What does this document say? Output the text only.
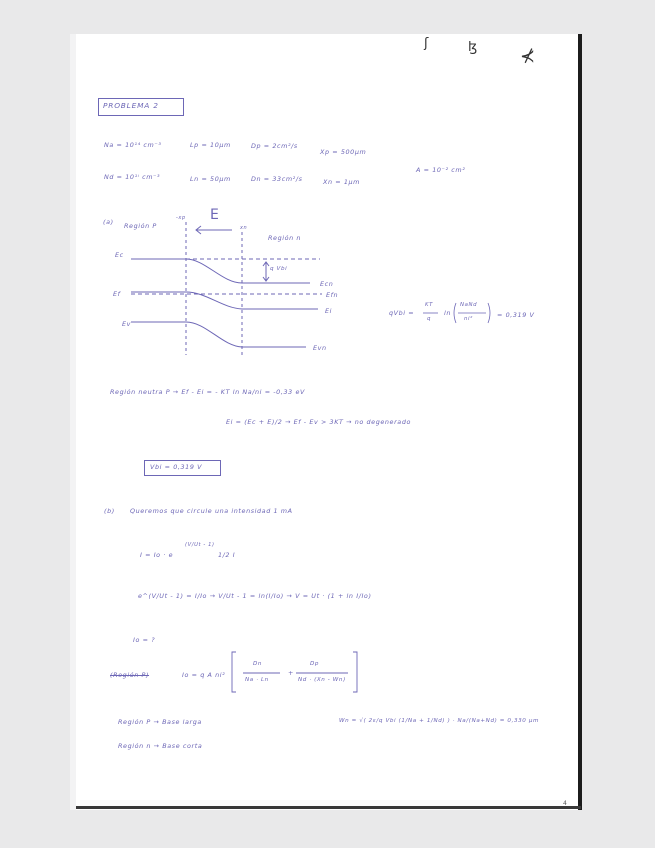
ʃ	ɮ ⊀
PROBLEMA 2
Na = 10¹⁴ cm⁻³	Lp = 10µm	Dp = 2cm²/s
Xp = 500µm
Nd = 10¹ⁱ cm⁻³	Ln = 50µm	Dn = 33cm²/s	Xn = 1µm
A = 10⁻² cm²
(a) Región P
Región n
-xp
xn
E
Ec
Ef
Ev
Ecn
Efn
Ei
Evn
q Vbi
qVbi =
KT
q
ln
NaNd
ni²	= 0,319 V
Región neutra P → Ef - Ei = - KT ln Na/ni = -0,33 eV
Ei = (Ec + E)/2 → Ef - Ev > 3KT → no degenerado
Vbi = 0,319 V
(b) Queremos que circule una intensidad 1 mA
I = Io · e
(V/Ut - 1)
1/2 I
e^(V/Ut - 1) = I/Io → V/Ut - 1 = ln(I/Io) → V = Ut · (1 + ln I/Io)
Io = ?
(Región P)	Io = q A ni²
Dn
Na · Ln
+
Dp
Nd · (Xn - Wn)
Región P → Base larga
Región n → Base corta
Wn = √( 2ε/q Vbi (1/Na + 1/Nd) ) · Na/(Na+Nd) = 0,330 µm
4
